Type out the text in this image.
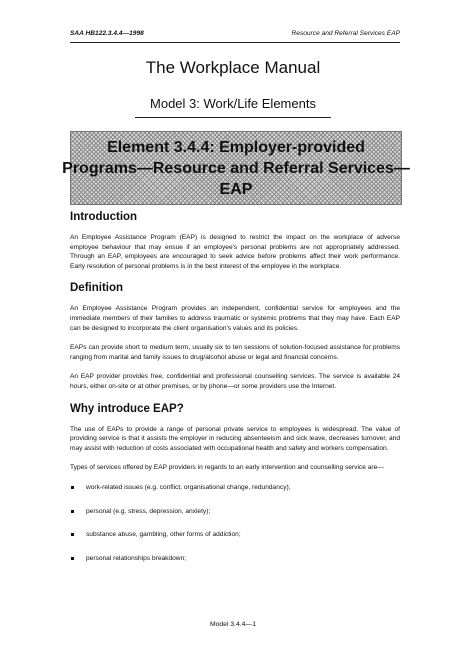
SAA HB122.3.4.4—1998	Resource and Referral Services EAP
The Workplace Manual
Model 3: Work/Life Elements
Element 3.4.4: Employer-provided
Programs—Resource and Referral Services—
EAP
Introduction

An Employee Assistance Program (EAP) is designed to restrict the impact on the workplace of adverse employee behaviour that may ensue if an employee's personal problems are not appropriately addressed. Through an EAP, employees are encouraged to seek advice before problems affect their work performance. Early resolution of personal problems is in the best interest of the employee in the workplace.

Definition

An Employee Assistance Program provides an independent, confidential service for employees and the immediate members of their families to address traumatic or systemic problems that they may have. Each EAP can be designed to incorporate the client organisation's values and its policies.

EAPs can provide short to medium term, usually six to ten sessions of solution-focused assistance for problems ranging from marital and family issues to drug/alcohol abuse or legal and financial concerns.

An EAP provider provides free, confidential and professional counselling services. The service is available 24 hours, either on-site or at other premises, or by phone—or some providers use the Internet.

Why introduce EAP?

The use of EAPs to provide a range of personal private service to employees is widespread. The value of providing service is that it assists the employer in reducing absenteeism and sick leave, decreases turnover, and may assist with reduction of costs associated with occupational health and safety and workers compensation.

Types of services offered by EAP providers in regards to an early intervention and counselling service are—

work-related issues (e.g. conflict, organisational change, redundancy);
personal (e.g. stress, depression, anxiety);
substance abuse, gambling, other forms of addiction;
personal relationships breakdown;
Model 3.4.4—1
